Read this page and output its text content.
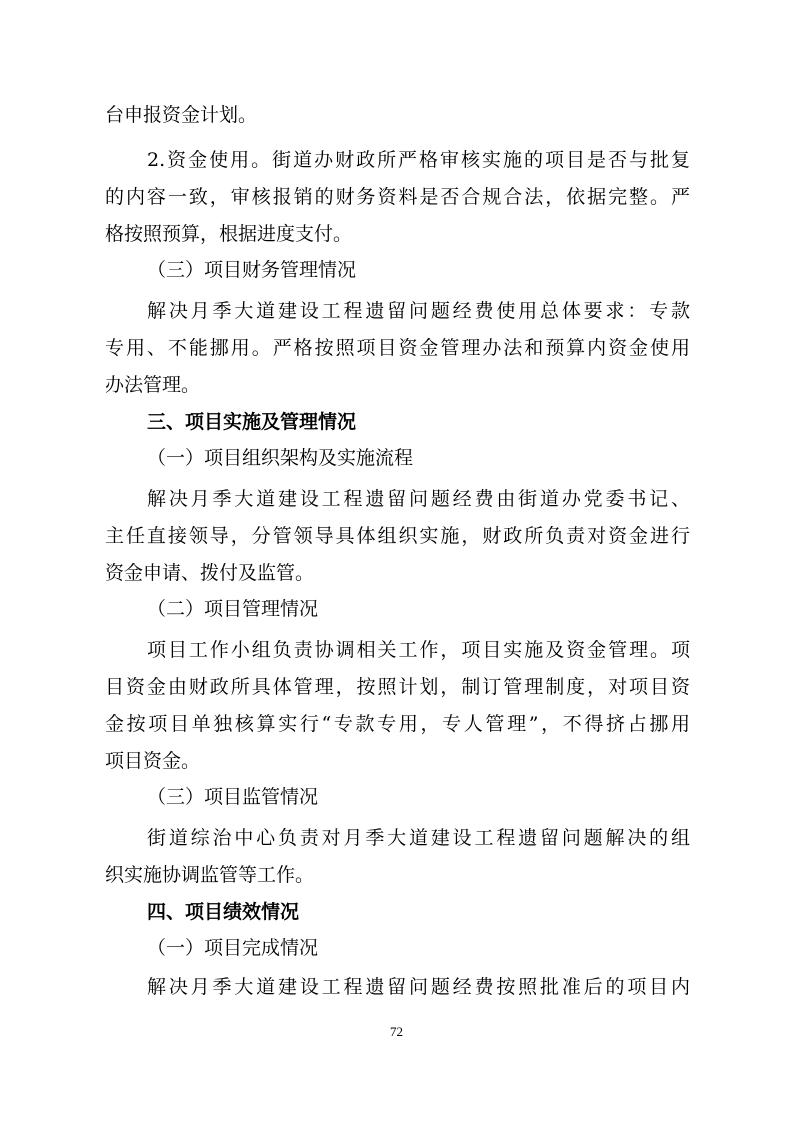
台申报资金计划。
2.资金使用。街道办财政所严格审核实施的项目是否与批复
的内容一致，审核报销的财务资料是否合规合法，依据完整。严
格按照预算，根据进度支付。
（三）项目财务管理情况
解决月季大道建设工程遗留问题经费使用总体要求：专款
专用、不能挪用。严格按照项目资金管理办法和预算内资金使用
办法管理。
三、项目实施及管理情况
（一）项目组织架构及实施流程
解决月季大道建设工程遗留问题经费由街道办党委书记、
主任直接领导，分管领导具体组织实施，财政所负责对资金进行
资金申请、拨付及监管。
（二）项目管理情况
项目工作小组负责协调相关工作，项目实施及资金管理。项
目资金由财政所具体管理，按照计划，制订管理制度，对项目资
金按项目单独核算实行“专款专用，专人管理”，不得挤占挪用
项目资金。
（三）项目监管情况
街道综治中心负责对月季大道建设工程遗留问题解决的组
织实施协调监管等工作。
四、项目绩效情况
（一）项目完成情况
解决月季大道建设工程遗留问题经费按照批准后的项目内
72
